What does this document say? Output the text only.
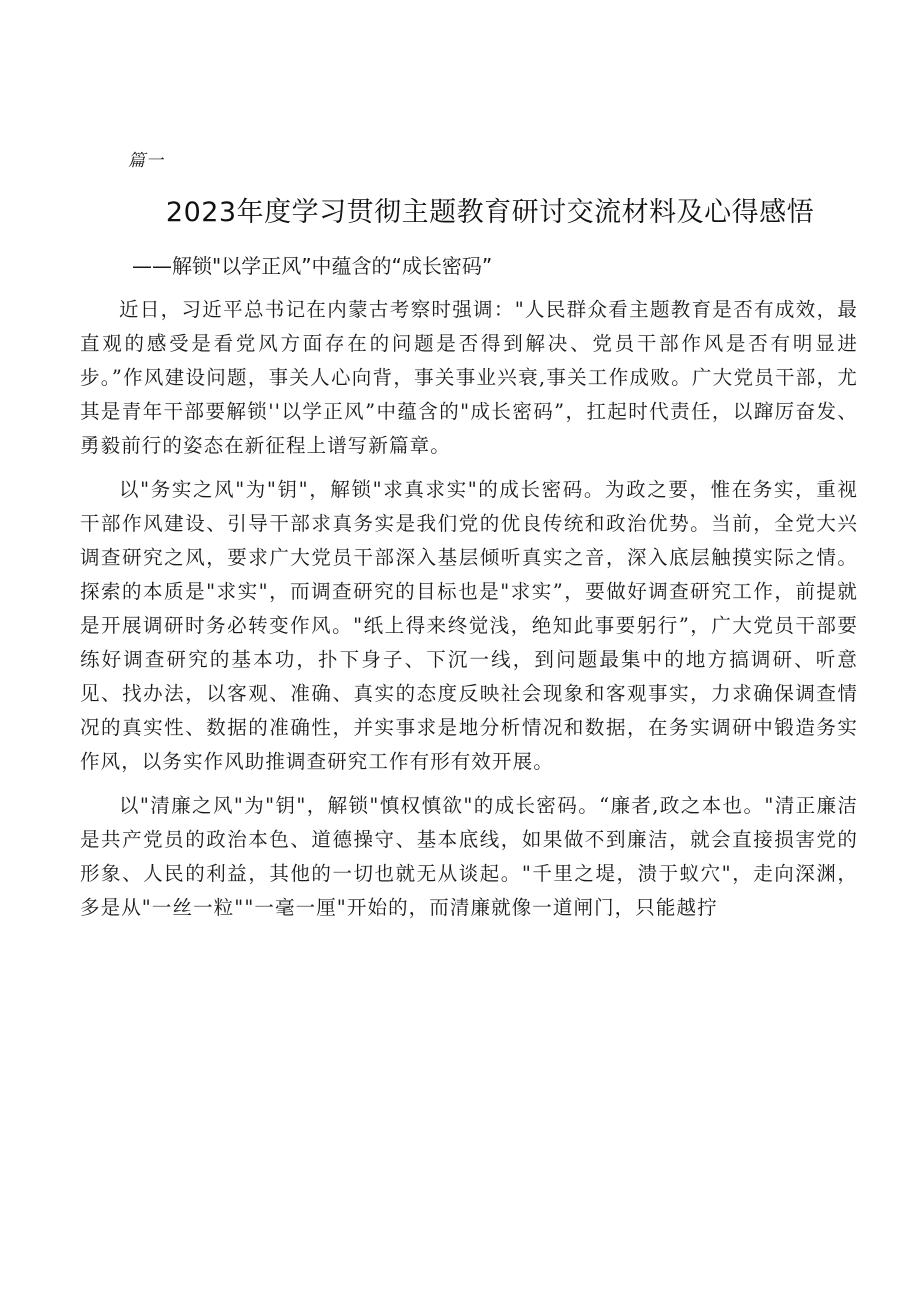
篇一
2023年度学习贯彻主题教育研讨交流材料及心得感悟
——解锁"以学正风”中蕴含的“成长密码”

近日，习近平总书记在内蒙古考察时强调："人民群众看主题教育是否有成效，最直观的感受是看党风方面存在的问题是否得到解决、党员干部作风是否有明显进步。”作风建设问题，事关人心向背，事关事业兴衰,事关工作成败。广大党员干部，尤其是青年干部要解锁''以学正风”中蕴含的"成长密码”，扛起时代责任，以蹿厉奋发、勇毅前行的姿态在新征程上谱写新篇章。

以"务实之风"为"钥"，解锁"求真求实"的成长密码。为政之要，惟在务实，重视干部作风建设、引导干部求真务实是我们党的优良传统和政治优势。当前，全党大兴调查研究之风，要求广大党员干部深入基层倾听真实之音，深入底层触摸实际之情。探索的本质是"求实"，而调查研究的目标也是"求实”，要做好调查研究工作，前提就是开展调研时务必转变作风。"纸上得来终觉浅，绝知此事要躬行”，广大党员干部要练好调查研究的基本功，扑下身子、下沉一线，到问题最集中的地方搞调研、听意见、找办法，以客观、准确、真实的态度反映社会现象和客观事实，力求确保调查情况的真实性、数据的准确性，并实事求是地分析情况和数据，在务实调研中锻造务实作风，以务实作风助推调查研究工作有形有效开展。

以"清廉之风"为"钥"，解锁"慎权慎欲"的成长密码。“廉者,政之本也。"清正廉洁是共产党员的政治本色、道德操守、基本底线，如果做不到廉洁，就会直接损害党的形象、人民的利益，其他的一切也就无从谈起。"千里之堤，溃于蚁穴"，走向深渊，多是从"一丝一粒""一毫一厘"开始的，而清廉就像一道闸门，只能越拧
